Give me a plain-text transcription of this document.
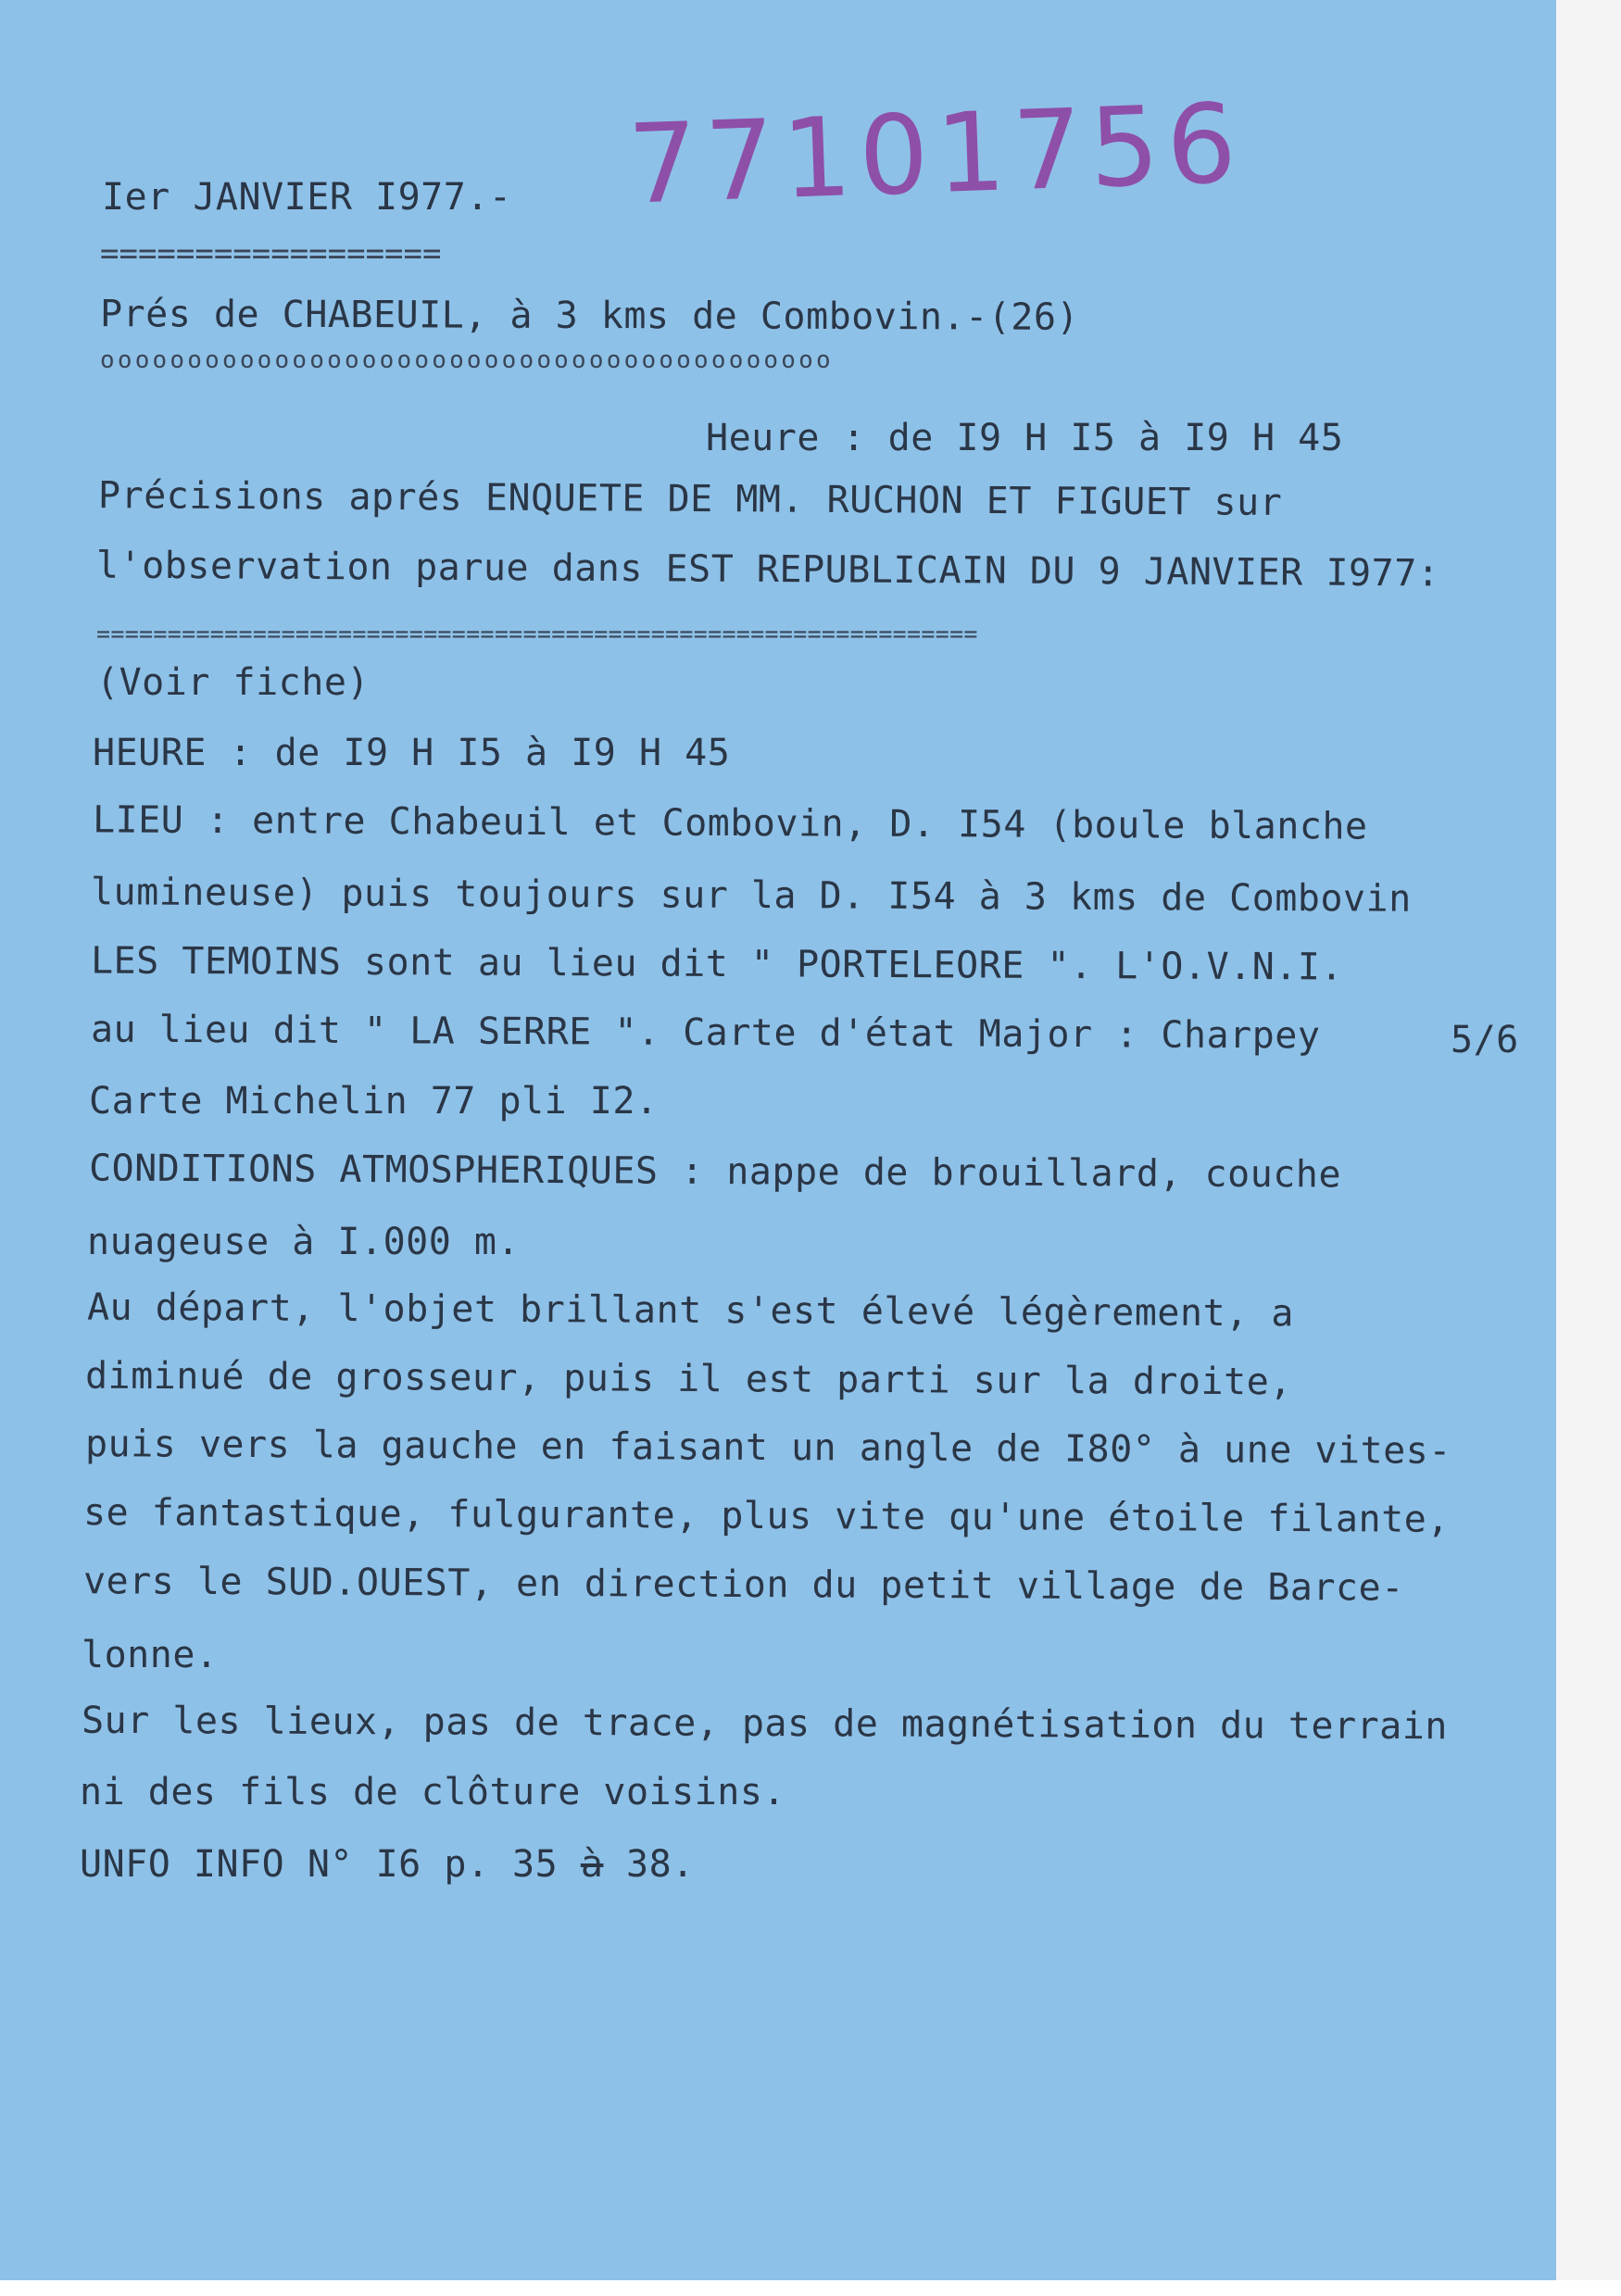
77101756
Ier JANVIER I977.-
==================
Prés de CHABEUIL, à 3 kms de Combovin.-(26)
oooooooooooooooooooooooooooooooooooooooooo
Heure : de I9 H I5 à I9 H 45
Précisions aprés ENQUETE DE MM. RUCHON ET FIGUET sur
l'observation parue dans EST REPUBLICAIN DU 9 JANVIER I977:
==============================================================
(Voir fiche)
HEURE : de I9 H I5 à I9 H 45
LIEU : entre Chabeuil et Combovin, D. I54 (boule blanche
lumineuse) puis toujours sur la D. I54 à 3 kms de Combovin
LES TEMOINS sont au lieu dit " PORTELEORE ". L'O.V.N.I.
au lieu dit " LA SERRE ". Carte d'état Major : Charpey	5/6
Carte Michelin 77 pli I2.
CONDITIONS ATMOSPHERIQUES : nappe de brouillard, couche
nuageuse à I.000 m.
Au départ, l'objet brillant s'est élevé légèrement, a
diminué de grosseur, puis il est parti sur la droite,
puis vers la gauche en faisant un angle de I80° à une vites-
se fantastique, fulgurante, plus vite qu'une étoile filante,
vers le SUD.OUEST, en direction du petit village de Barce-
lonne.
Sur les lieux, pas de trace, pas de magnétisation du terrain
ni des fils de clôture voisins.
UNFO INFO N° I6 p. 35 à 38.
